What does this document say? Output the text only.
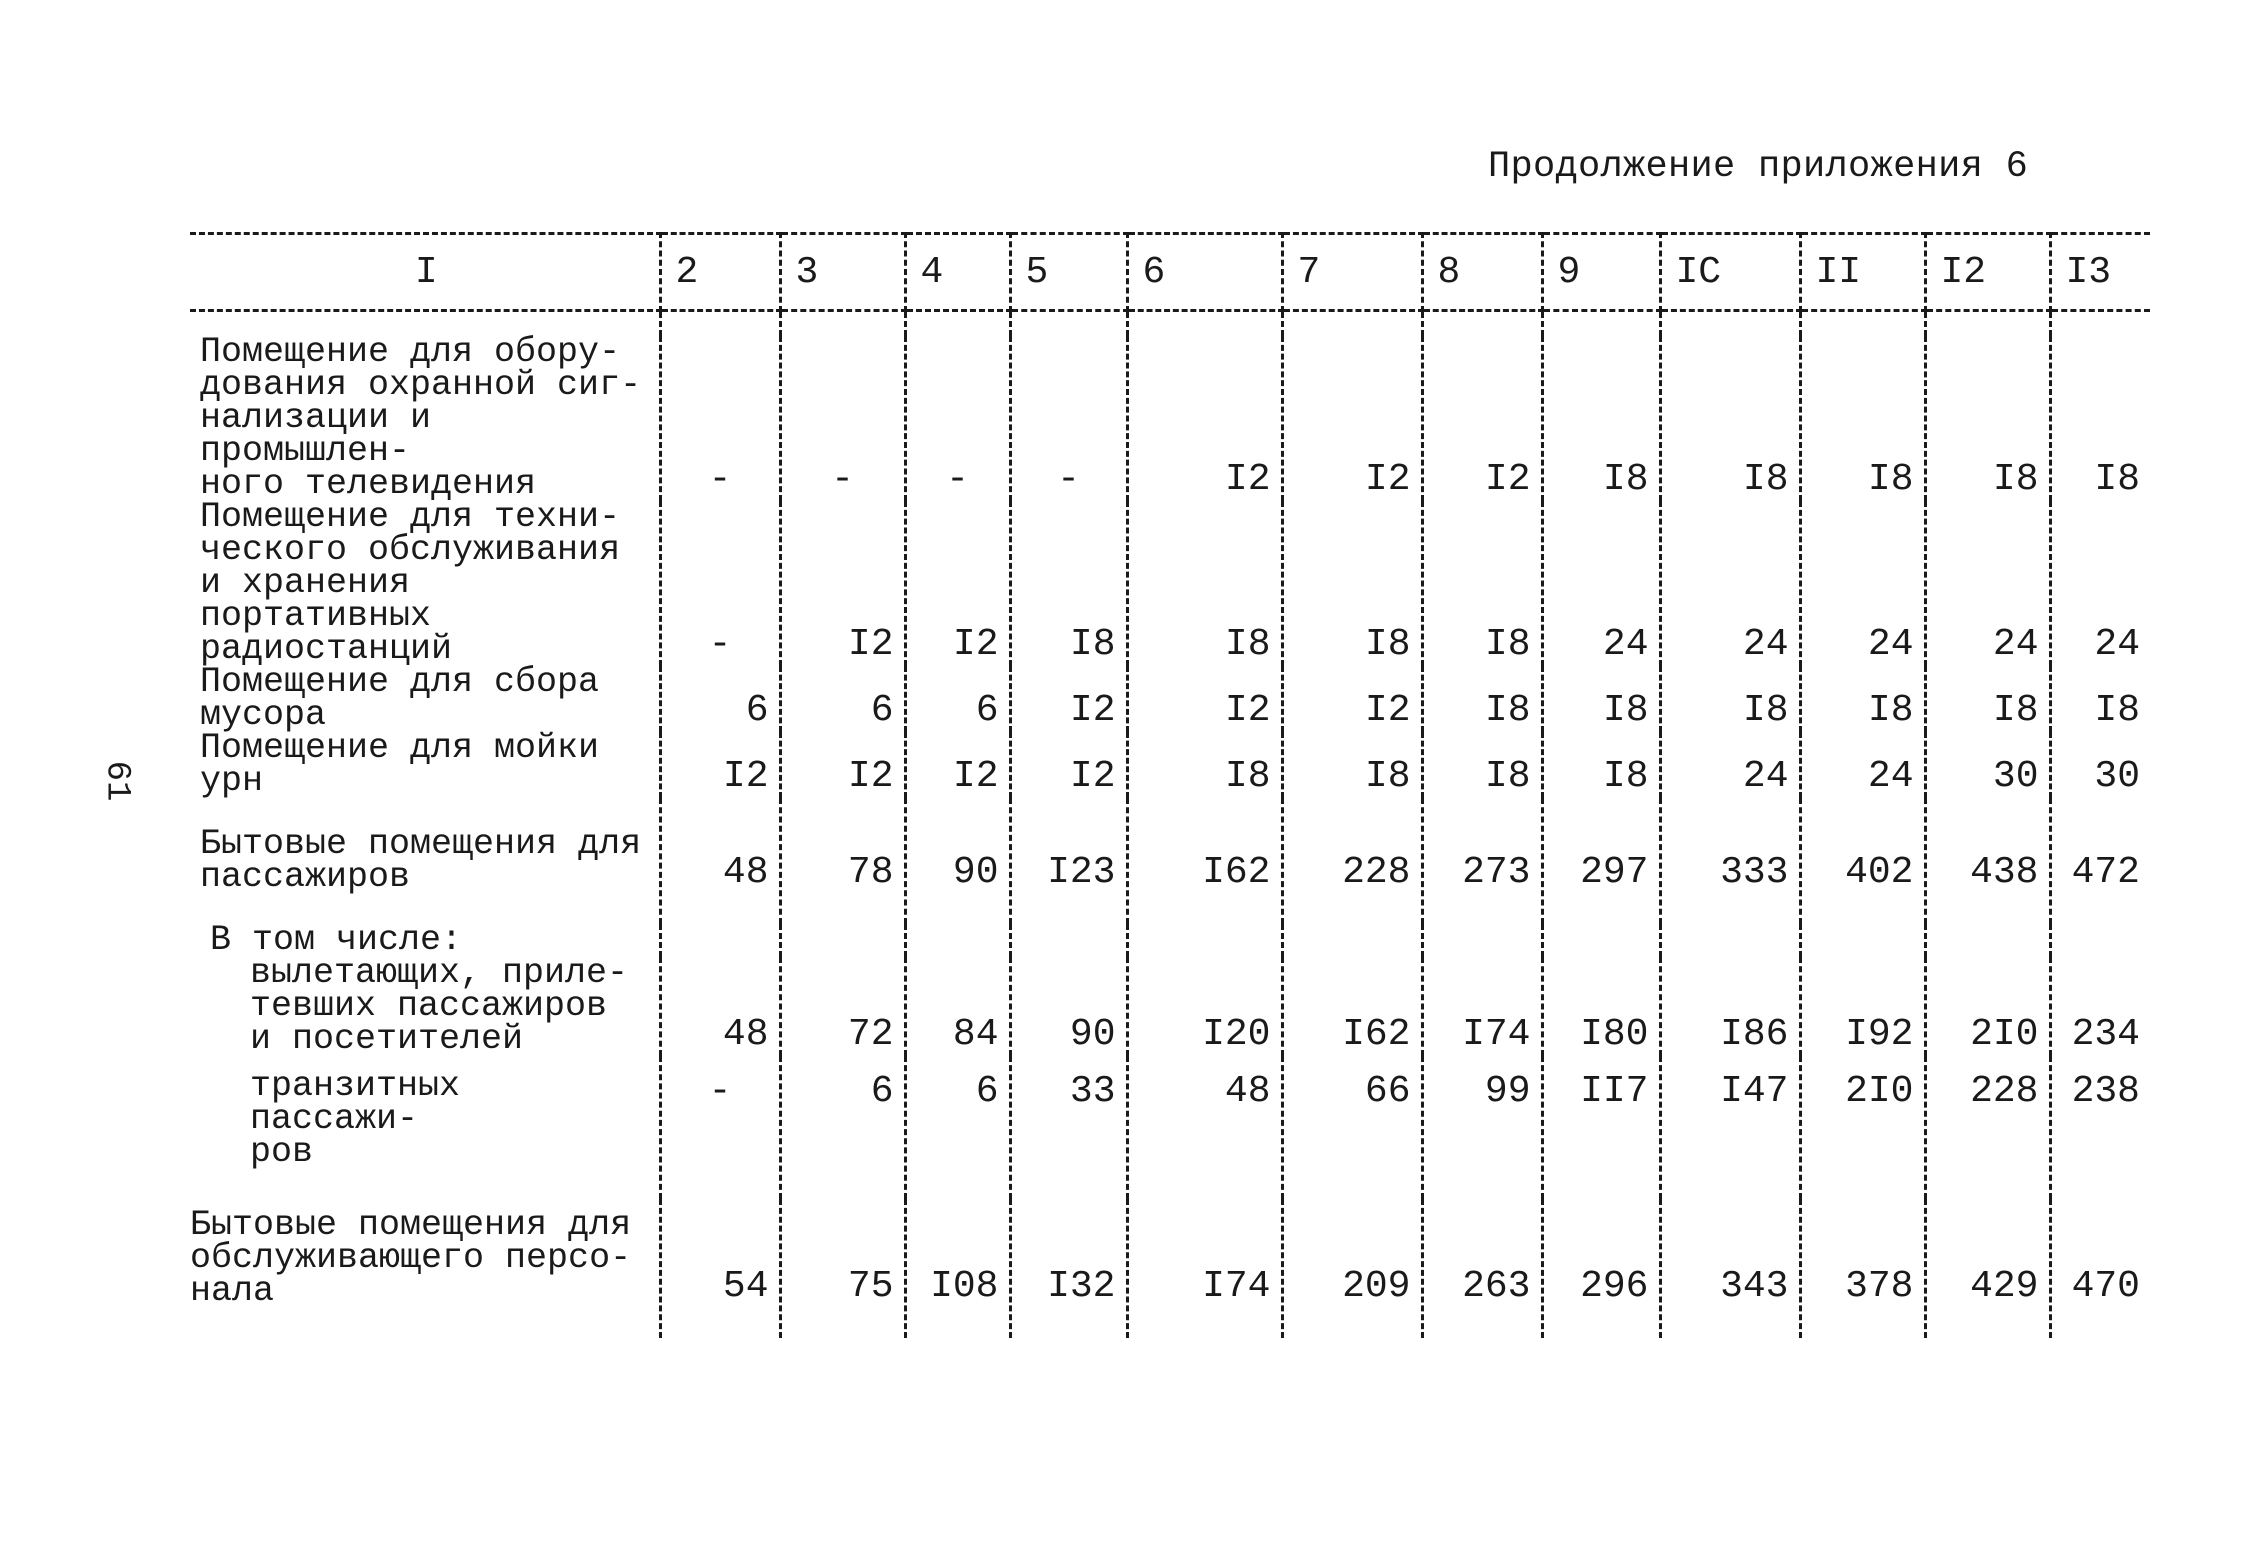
61
Продолжение приложения 6
I	2	3	4	5	6	7	8	9	IC	II	I2	I3

Помещение для обору-
дования охранной сиг-
нализации и промышлен-
ного телевидения	-	-	-	-	I2	I2	I2	I8	I8	I8	I8	I8
Помещение для техни-
ческого обслуживания
и хранения портативных
радиостанций	-	I2	I2	I8	I8	I8	I8	24	24	24	24	24
Помещение для сбора
мусора	6	6	6	I2	I2	I2	I8	I8	I8	I8	I8	I8
Помещение для мойки
урн	I2	I2	I2	I2	I8	I8	I8	I8	24	24	30	30
Бытовые помещения для
пассажиров	48	78	90	I23	I62	228	273	297	333	402	438	472
В том числе:												
вылетающих, приле-
тевших пассажиров
и посетителей	48	72	84	90	I20	I62	I74	I80	I86	I92	2I0	234
транзитных пассажи-
ров	-	6	6	33	48	66	99	II7	I47	2I0	228	238
Бытовые помещения для
обслуживающего персо-
нала	54	75	I08	I32	I74	209	263	296	343	378	429	470
